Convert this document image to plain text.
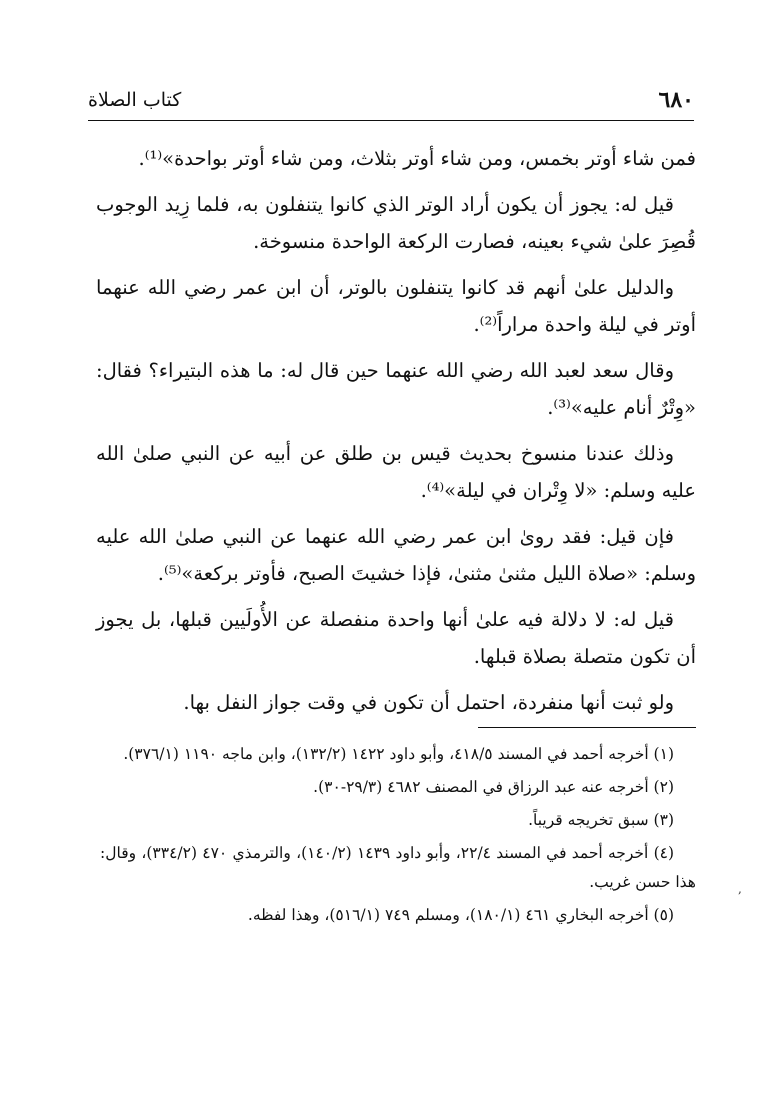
٦٨٠
كتاب الصلاة

فمن شاء أوتر بخمس، ومن شاء أوتر بثلاث، ومن شاء أوتر بواحدة»⁽¹⁾.

قيل له: يجوز أن يكون أراد الوتر الذي كانوا يتنفلون به، فلما زِيد الوجوب قُصِرَ علىٰ شيء بعينه، فصارت الركعة الواحدة منسوخة.

والدليل علىٰ أنهم قد كانوا يتنفلون بالوتر، أن ابن عمر رضي الله عنهما أوتر في ليلة واحدة مراراً⁽²⁾.

وقال سعد لعبد الله رضي الله عنهما حين قال له: ما هذه البتيراء؟ فقال: «وِتْرٌ أنام عليه»⁽³⁾.

وذلك عندنا منسوخ بحديث قيس بن طلق عن أبيه عن النبي صلىٰ الله عليه وسلم: «لا وِتْران في ليلة»⁽⁴⁾.

فإن قيل: فقد روىٰ ابن عمر رضي الله عنهما عن النبي صلىٰ الله عليه وسلم: «صلاة الليل مثنىٰ مثنىٰ، فإذا خشيتَ الصبح، فأوتر بركعة»⁽⁵⁾.

قيل له: لا دلالة فيه علىٰ أنها واحدة منفصلة عن الأُولَيين قبلها، بل يجوز أن تكون متصلة بصلاة قبلها.

ولو ثبت أنها منفردة، احتمل أن تكون في وقت جواز النفل بها.

(١) أخرجه أحمد في المسند ٤١٨/٥، وأبو داود ١٤٢٢ (١٣٢/٢)، وابن ماجه ١١٩٠ (٣٧٦/١).

(٢) أخرجه عنه عبد الرزاق في المصنف ٤٦٨٢ (٢٩/٣-٣٠).

(٣) سبق تخريجه قريباً.

(٤) أخرجه أحمد في المسند ٢٢/٤، وأبو داود ١٤٣٩ (١٤٠/٢)، والترمذي ٤٧٠ (٣٣٤/٢)، وقال: هذا حسن غريب.

(٥) أخرجه البخاري ٤٦١ (١٨٠/١)، ومسلم ٧٤٩ (٥١٦/١)، وهذا لفظه.

,
